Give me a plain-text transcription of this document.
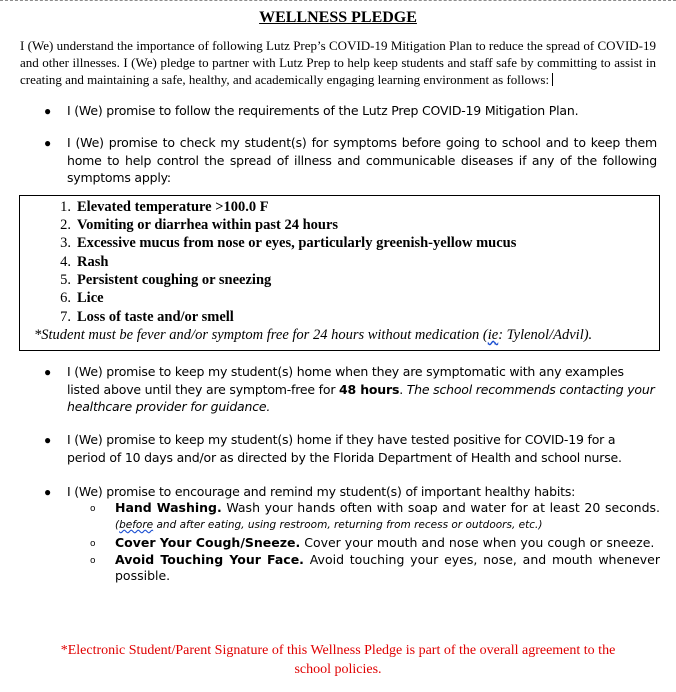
WELLNESS PLEDGE
I (We) understand the importance of following Lutz Prep’s COVID-19 Mitigation Plan to reduce the spread of COVID-19 and other illnesses. I (We) pledge to partner with Lutz Prep to help keep students and staff safe by committing to assist in creating and maintaining a safe, healthy, and academically engaging learning environment as follows:
● I (We) promise to follow the requirements of the Lutz Prep COVID-19 Mitigation Plan.
● I (We) promise to check my student(s) for symptoms before going to school and to keep them home to help control the spread of illness and communicable diseases if any of the following symptoms apply:
1. Elevated temperature >100.0 F
2. Vomiting or diarrhea within past 24 hours
3. Excessive mucus from nose or eyes, particularly greenish-yellow mucus
4. Rash
5. Persistent coughing or sneezing
6. Lice
7. Loss of taste and/or smell
*Student must be fever and/or symptom free for 24 hours without medication (ie: Tylenol/Advil).
● I (We) promise to keep my student(s) home when they are symptomatic with any examples listed above until they are symptom-free for 48 hours. The school recommends contacting your healthcare provider for guidance.
● I (We) promise to keep my student(s) home if they have tested positive for COVID-19 for a period of 10 days and/or as directed by the Florida Department of Health and school nurse.
● I (We) promise to encourage and remind my student(s) of important healthy habits:
o Hand Washing. Wash your hands often with soap and water for at least 20 seconds. (before and after eating, using restroom, returning from recess or outdoors, etc.)
o Cover Your Cough/Sneeze. Cover your mouth and nose when you cough or sneeze.
o Avoid Touching Your Face. Avoid touching your eyes, nose, and mouth whenever possible.
*Electronic Student/Parent Signature of this Wellness Pledge is part of the overall agreement to the
school policies.
